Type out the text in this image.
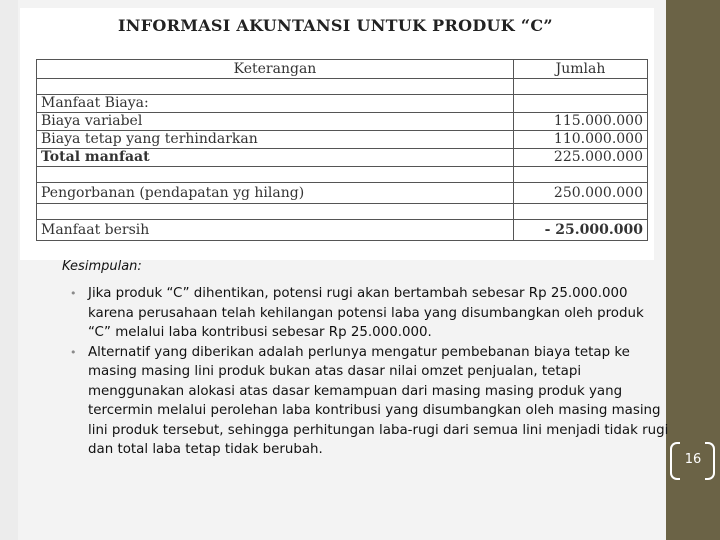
INFORMASI AKUNTANSI UNTUK PRODUK “C”
Keterangan	Jumlah

Manfaat Biaya:	
Biaya variabel	115.000.000
Biaya tetap yang terhindarkan	110.000.000
Total manfaat	225.000.000

Pengorbanan (pendapatan yg hilang)	250.000.000

Manfaat bersih	- 25.000.000
Kesimpulan:
• Jika produk “C” dihentikan, potensi rugi akan bertambah sebesar Rp 25.000.000 karena perusahaan telah kehilangan potensi laba yang disumbangkan oleh produk “C” melalui laba kontribusi sebesar Rp 25.000.000.
• Alternatif yang diberikan adalah perlunya mengatur pembebanan biaya tetap ke masing masing lini produk bukan atas dasar nilai omzet penjualan, tetapi menggunakan alokasi atas dasar kemampuan dari masing masing produk yang tercermin melalui perolehan laba kontribusi yang disumbangkan oleh masing masing lini produk tersebut, sehingga perhitungan laba-rugi dari semua lini menjadi tidak rugi dan total laba tetap tidak berubah.
16
